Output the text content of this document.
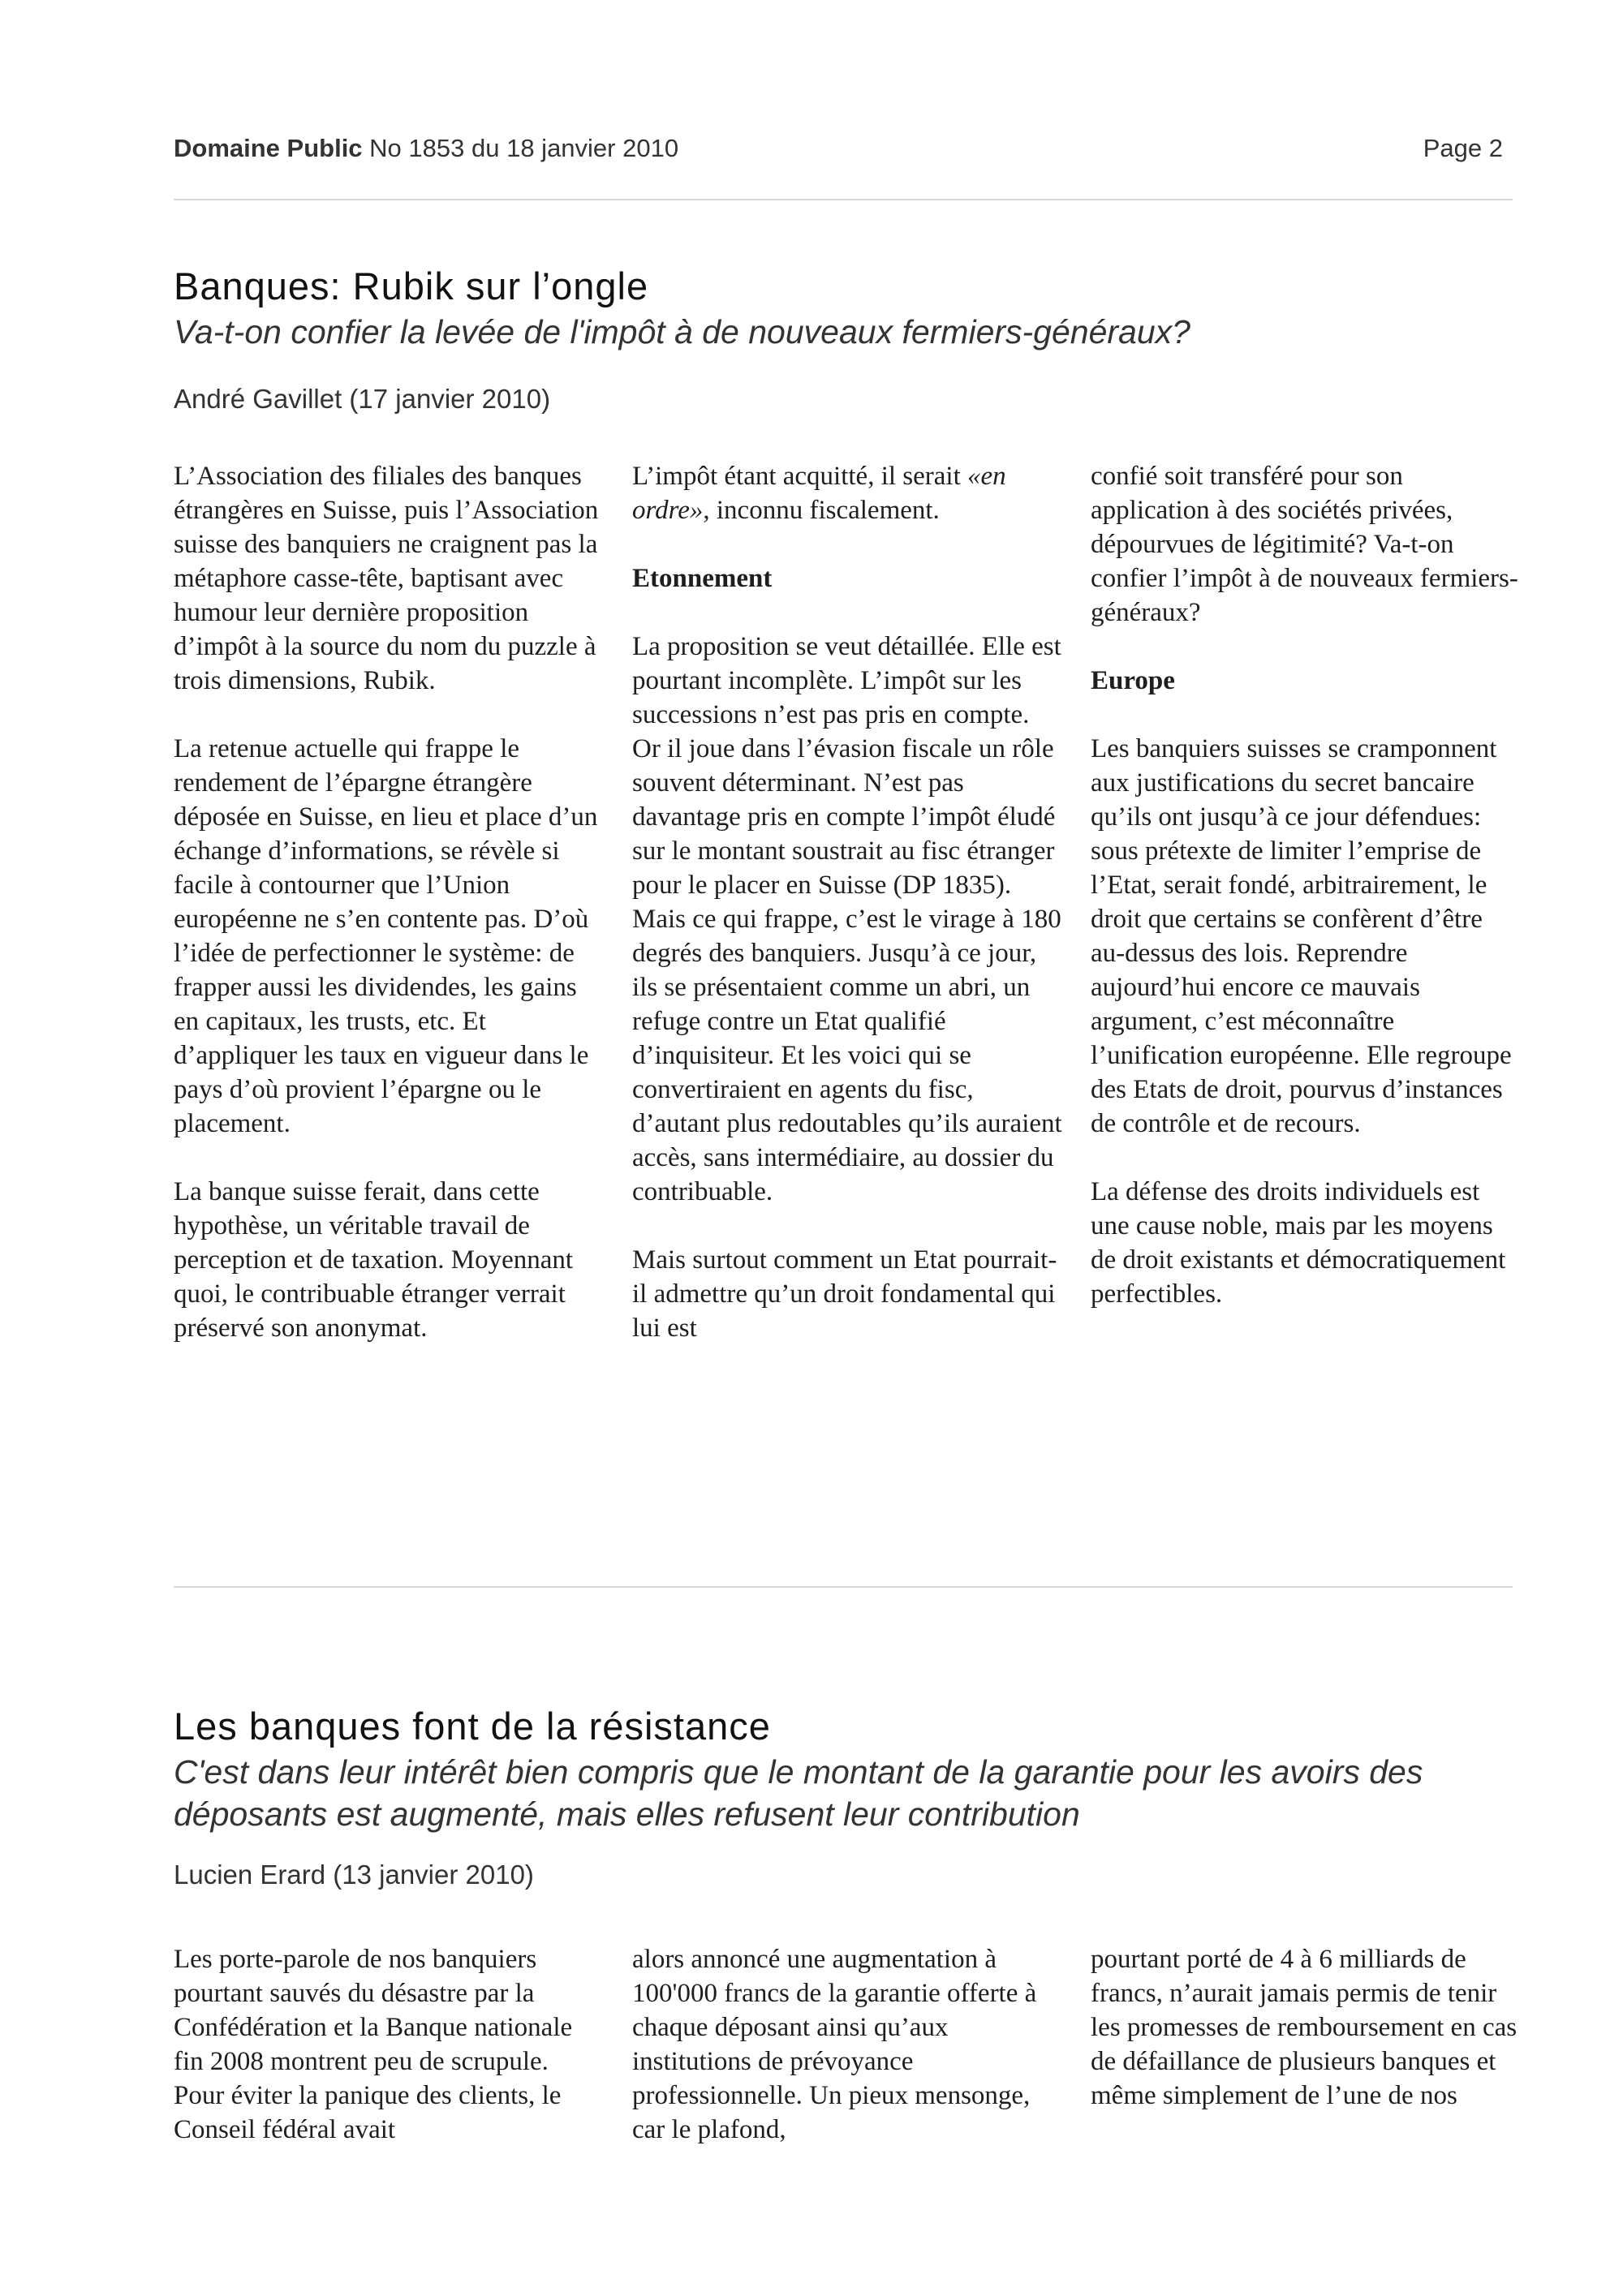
Domaine Public No 1853 du 18 janvier 2010	Page 2
Banques: Rubik sur l’ongle

Va-t-on confier la levée de l'impôt à de nouveaux fermiers-généraux?

André Gavillet (17 janvier 2010)

L’Association des filiales des banques étrangères en Suisse, puis l’Association suisse des banquiers ne craignent pas la métaphore casse-tête, baptisant avec humour leur dernière proposition d’impôt à la source du nom du puzzle à trois dimensions, Rubik.

La retenue actuelle qui frappe le rendement de l’épargne étrangère déposée en Suisse, en lieu et place d’un échange d’informations, se révèle si facile à contourner que l’Union européenne ne s’en contente pas. D’où l’idée de perfectionner le système: de frapper aussi les dividendes, les gains en capitaux, les trusts, etc. Et d’appliquer les taux en vigueur dans le pays d’où provient l’épargne ou le placement.

La banque suisse ferait, dans cette hypothèse, un véritable travail de perception et de taxation. Moyennant quoi, le contribuable étranger verrait préservé son anonymat.

L’impôt étant acquitté, il serait «en ordre», inconnu fiscalement.

Etonnement

La proposition se veut détaillée. Elle est pourtant incomplète. L’impôt sur les successions n’est pas pris en compte. Or il joue dans l’évasion fiscale un rôle souvent déterminant. N’est pas davantage pris en compte l’impôt éludé sur le montant soustrait au fisc étranger pour le placer en Suisse (DP 1835). Mais ce qui frappe, c’est le virage à 180 degrés des banquiers. Jusqu’à ce jour, ils se présentaient comme un abri, un refuge contre un Etat qualifié d’inquisiteur. Et les voici qui se convertiraient en agents du fisc, d’autant plus redoutables qu’ils auraient accès, sans intermédiaire, au dossier du contribuable.

Mais surtout comment un Etat pourrait-il admettre qu’un droit fondamental qui lui est

confié soit transféré pour son application à des sociétés privées, dépourvues de légitimité? Va-t-on confier l’impôt à de nouveaux fermiers-généraux?

Europe

Les banquiers suisses se cramponnent aux justifications du secret bancaire qu’ils ont jusqu’à ce jour défendues: sous prétexte de limiter l’emprise de l’Etat, serait fondé, arbitrairement, le droit que certains se confèrent d’être au-dessus des lois. Reprendre aujourd’hui encore ce mauvais argument, c’est méconnaître l’unification européenne. Elle regroupe des Etats de droit, pourvus d’instances de contrôle et de recours.

La défense des droits individuels est une cause noble, mais par les moyens de droit existants et démocratiquement perfectibles.

Les banques font de la résistance

C'est dans leur intérêt bien compris que le montant de la garantie pour les avoirs des déposants est augmenté, mais elles refusent leur contribution

Lucien Erard (13 janvier 2010)

Les porte-parole de nos banquiers pourtant sauvés du désastre par la Confédération et la Banque nationale fin 2008 montrent peu de scrupule. Pour éviter la panique des clients, le Conseil fédéral avait

alors annoncé une augmentation à 100'000 francs de la garantie offerte à chaque déposant ainsi qu’aux institutions de prévoyance professionnelle. Un pieux mensonge, car le plafond,

pourtant porté de 4 à 6 milliards de francs, n’aurait jamais permis de tenir les promesses de remboursement en cas de défaillance de plusieurs banques et même simplement de l’une de nos
